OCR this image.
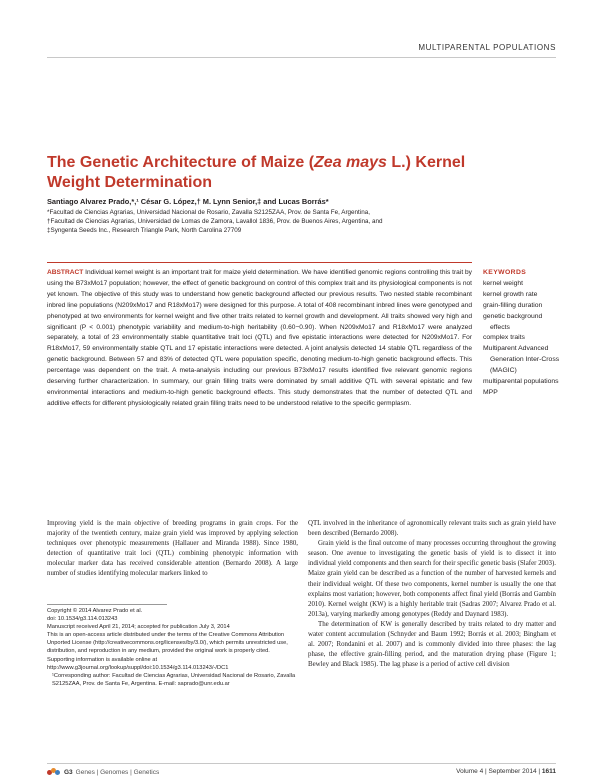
MULTIPARENTAL POPULATIONS
The Genetic Architecture of Maize (Zea mays L.) Kernel Weight Determination
Santiago Alvarez Prado,*,¹ César G. López,† M. Lynn Senior,‡ and Lucas Borrás*
*Facultad de Ciencias Agrarias, Universidad Nacional de Rosario, Zavalla S2125ZAA, Prov. de Santa Fe, Argentina,
†Facultad de Ciencias Agrarias, Universidad de Lomas de Zamora, Lavallol 1836, Prov. de Buenos Aires, Argentina, and
‡Syngenta Seeds Inc., Research Triangle Park, North Carolina 27709
ABSTRACT Individual kernel weight is an important trait for maize yield determination. We have identified genomic regions controlling this trait by using the B73xMo17 population; however, the effect of genetic background on control of this complex trait and its physiological components is not yet known. The objective of this study was to understand how genetic background affected our previous results. Two nested stable recombinant inbred line populations (N209xMo17 and R18xMo17) were designed for this purpose. A total of 408 recombinant inbred lines were genotyped and phenotyped at two environments for kernel weight and five other traits related to kernel growth and development. All traits showed very high and significant (P < 0.001) phenotypic variability and medium-to-high heritability (0.60−0.90). When N209xMo17 and R18xMo17 were analyzed separately, a total of 23 environmentally stable quantitative trait loci (QTL) and five epistatic interactions were detected for N209xMo17. For R18xMo17, 59 environmentally stable QTL and 17 epistatic interactions were detected. A joint analysis detected 14 stable QTL regardless of the genetic background. Between 57 and 83% of detected QTL were population specific, denoting medium-to-high genetic background effects. This percentage was dependent on the trait. A meta-analysis including our previous B73xMo17 results identified five relevant genomic regions deserving further characterization. In summary, our grain filling traits were dominated by small additive QTL with several epistatic and few environmental interactions and medium-to-high genetic background effects. This study demonstrates that the number of detected QTL and additive effects for different physiologically related grain filling traits need to be understood relative to the specific germplasm.
KEYWORDS
kernel weight
kernel growth rate
grain-filling duration
genetic background effects
complex traits
Multiparent Advanced Generation Inter-Cross (MAGIC)
multiparental populations
MPP

Improving yield is the main objective of breeding programs in grain crops. For the majority of the twentieth century, maize grain yield was improved by applying selection techniques over phenotypic measurements (Hallauer and Miranda 1988). Since 1980, detection of quantitative trait loci (QTL) combining phenotypic information with molecular marker data has received considerable attention (Bernardo 2008). A large number of studies identifying molecular markers linked to

QTL involved in the inheritance of agronomically relevant traits such as grain yield have been described (Bernardo 2008).

Grain yield is the final outcome of many processes occurring throughout the growing season. One avenue to investigating the genetic basis of yield is to dissect it into individual yield components and then search for their specific genetic basis (Slafer 2003). Maize grain yield can be described as a function of the number of harvested kernels and their individual weight. Of these two components, kernel number is usually the one that explains most variation; however, both components affect final yield (Borrás and Gambín 2010). Kernel weight (KW) is a highly heritable trait (Sadras 2007; Alvarez Prado et al. 2013a), varying markedly among genotypes (Reddy and Daynard 1983).

The determination of KW is generally described by traits related to dry matter and water content accumulation (Schnyder and Baum 1992; Borrás et al. 2003; Bingham et al. 2007; Rondanini et al. 2007) and is commonly divided into three phases: the lag phase, the effective grain-filling period, and the maturation drying phase (Figure 1; Bewley and Black 1985). The lag phase is a period of active cell division

Copyright © 2014 Alvarez Prado et al.
doi: 10.1534/g3.114.013243
Manuscript received April 21, 2014; accepted for publication July 3, 2014
This is an open-access article distributed under the terms of the Creative Commons Attribution Unported License (http://creativecommons.org/licenses/by/3.0/), which permits unrestricted use, distribution, and reproduction in any medium, provided the original work is properly cited.
Supporting information is available online at http://www.g3journal.org/lookup/suppl/doi:10.1534/g3.114.013243/-/DC1
¹Corresponding author: Facultad de Ciencias Agrarias, Universidad Nacional de Rosario, Zavalla S2125ZAA, Prov. de Santa Fe, Argentina. E-mail: saprado@unr.edu.ar
G3 Genes | Genomes | Genetics	Volume 4 | September 2014 | 1611
